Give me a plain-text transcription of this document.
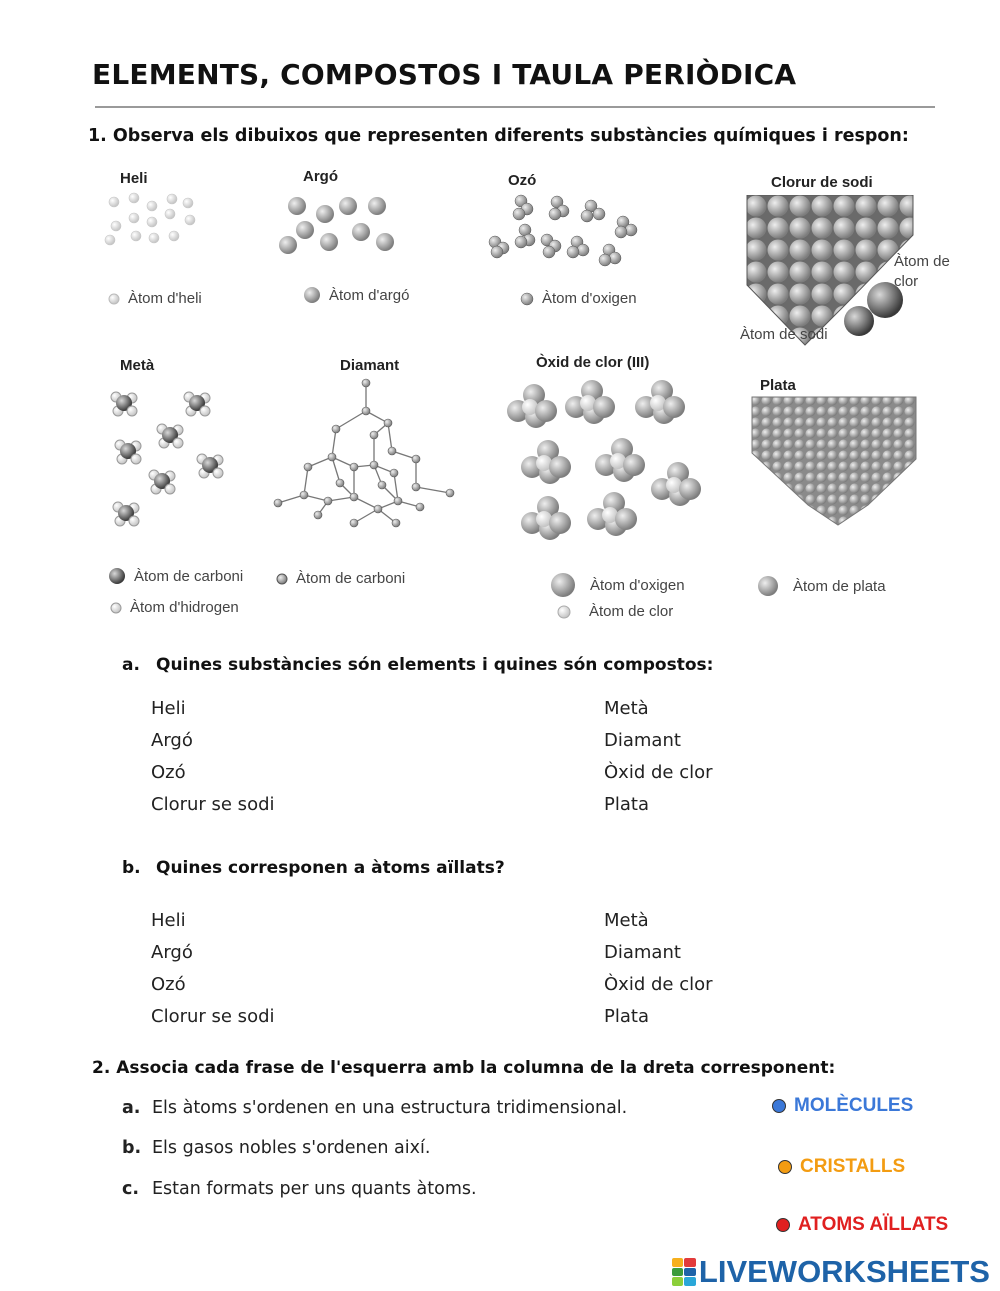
ELEMENTS, COMPOSTOS I TAULA PERIÒDICA
1. Observa els dibuixos que representen diferents substàncies químiques i respon:
Heli
Àtom d'heli
Argó
Àtom d'argó
Ozó
Àtom d'oxigen
Clorur de sodi
Àtom de clor
Àtom de sodi
Metà
Àtom de carboni
Àtom d'hidrogen
Diamant
Àtom de carboni
Òxid de clor (III)
Àtom d'oxigen
Àtom de clor
Plata
Àtom de plata
a. Quines substàncies són elements i quines són compostos:
Heli
Argó
Ozó
Clorur se sodi
Metà
Diamant
Òxid de clor
Plata
b. Quines corresponen a àtoms aïllats?
Heli
Argó
Ozó
Clorur se sodi
Metà
Diamant
Òxid de clor
Plata
2. Associa cada frase de l'esquerra amb la columna de la dreta corresponent:
a. Els àtoms s'ordenen en una estructura tridimensional.
b. Els gasos nobles s'ordenen així.
c. Estan formats per uns quants àtoms.
MOLÈCULES
CRISTALLS
ATOMS AÏLLATS
LIVEWORKSHEETS
